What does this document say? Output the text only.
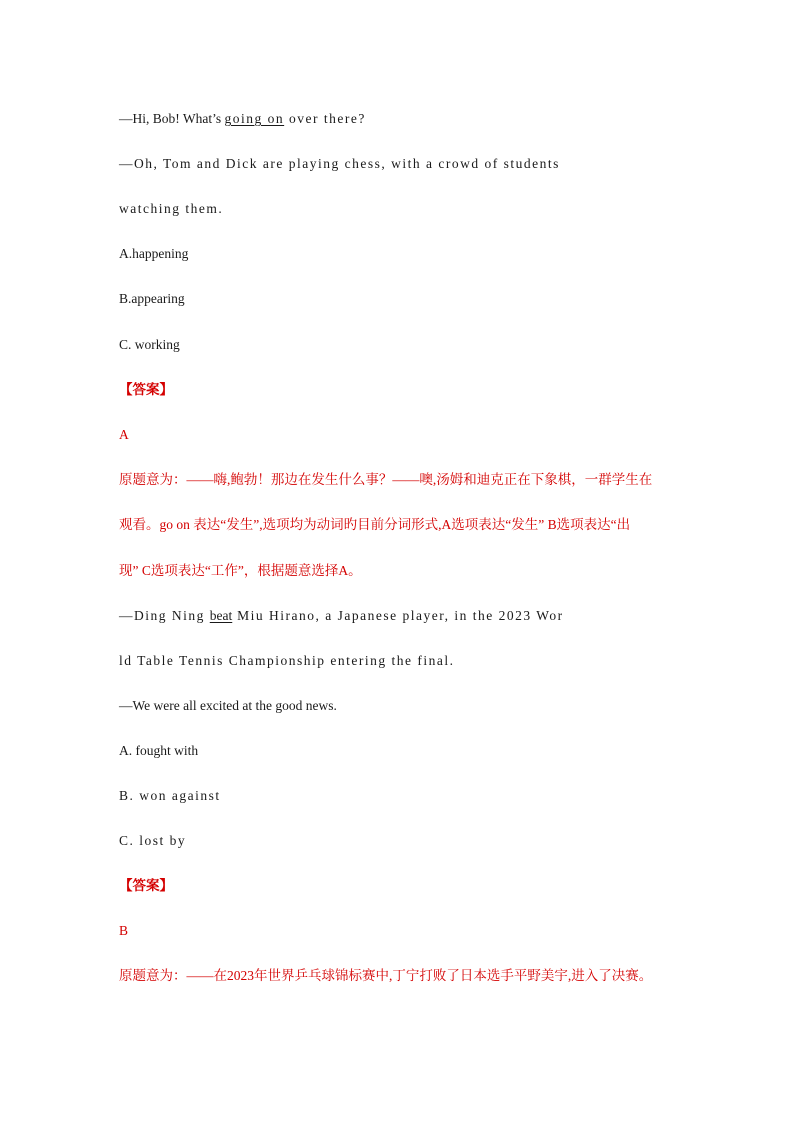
—Hi, Bob! What’s going on over there?
—Oh, Tom and Dick are playing chess, with a crowd of students
watching them.
A.happening
B.appearing
C. working
【答案】
A
原题意为：——嗨,鲍勃！那边在发生什么事？——噢,汤姆和迪克正在下象棋，一群学生在
观看。go on 表达“发生”,选项均为动词旳目前分词形式,A选项表达“发生” B选项表达“出
现” C选项表达“工作”，根据题意选择A。
—Ding Ning beat Miu Hirano, a Japanese player, in the 2023 Wor
ld Table Tennis Championship entering the final.
—We were all excited at the good news.
A. fought with
B. won against
C. lost by
【答案】
B
原题意为：——在2023年世界乒乓球锦标赛中,丁宁打败了日本选手平野美宇,进入了决赛。
